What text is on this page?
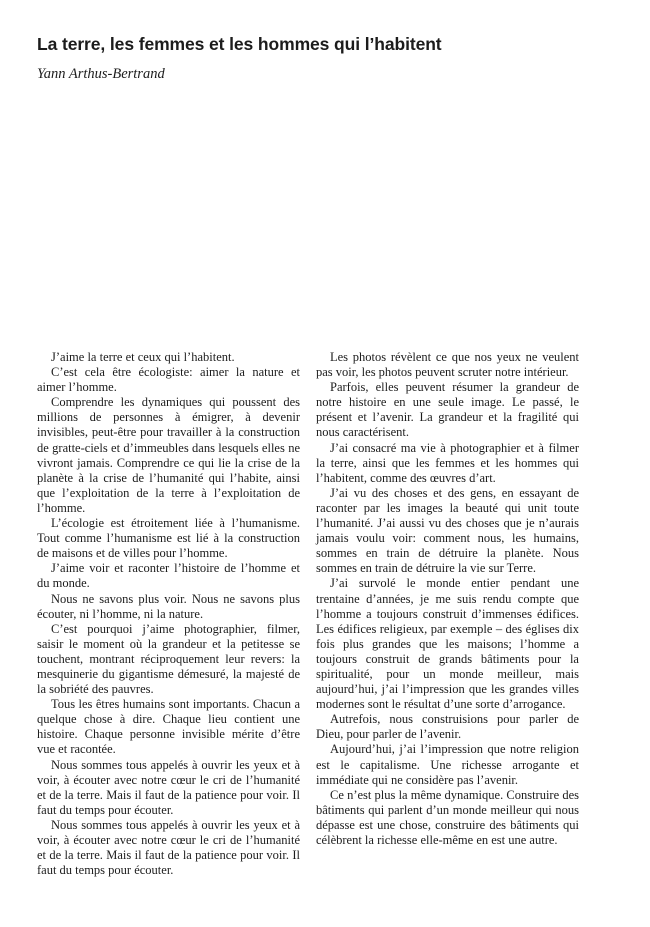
La terre, les femmes et les hommes qui l’habitent

Yann Arthus-Bertrand

J’aime la terre et ceux qui l’habitent.

C’est cela être écologiste: aimer la nature et aimer l’homme.

Comprendre les dynamiques qui poussent des millions de personnes à émigrer, à devenir invisibles, peut-être pour travailler à la construction de gratte-ciels et d’immeubles dans lesquels elles ne vivront jamais. Comprendre ce qui lie la crise de la planète à la crise de l’humanité qui l’habite, ainsi que l’exploitation de la terre à l’exploitation de l’homme.

L’écologie est étroitement liée à l’humanisme. Tout comme l’humanisme est lié à la construction de maisons et de villes pour l’homme.

J’aime voir et raconter l’histoire de l’homme et du monde.

Nous ne savons plus voir. Nous ne savons plus écouter, ni l’homme, ni la nature.

C’est pourquoi j’aime photographier, filmer, saisir le moment où la grandeur et la petitesse se touchent, montrant réciproquement leur revers: la mesquinerie du gigantisme démesuré, la majesté de la sobriété des pauvres.

Tous les êtres humains sont importants. Chacun a quelque chose à dire. Chaque lieu contient une histoire. Chaque personne invisible mérite d’être vue et racontée.

Nous sommes tous appelés à ouvrir les yeux et à voir, à écouter avec notre cœur le cri de l’humanité et de la terre. Mais il faut de la patience pour voir. Il faut du temps pour écouter.

Nous sommes tous appelés à ouvrir les yeux et à voir, à écouter avec notre cœur le cri de l’humanité et de la terre. Mais il faut de la patience pour voir. Il faut du temps pour écouter.

Les photos révèlent ce que nos yeux ne veulent pas voir, les photos peuvent scruter notre intérieur.

Parfois, elles peuvent résumer la grandeur de notre histoire en une seule image. Le passé, le présent et l’avenir. La grandeur et la fragilité qui nous caractérisent.

J’ai consacré ma vie à photographier et à filmer la terre, ainsi que les femmes et les hommes qui l’habitent, comme des œuvres d’art.

J’ai vu des choses et des gens, en essayant de raconter par les images la beauté qui unit toute l’humanité. J’ai aussi vu des choses que je n’aurais jamais voulu voir: comment nous, les humains, sommes en train de détruire la planète. Nous sommes en train de détruire la vie sur Terre.

J’ai survolé le monde entier pendant une trentaine d’années, je me suis rendu compte que l’homme a toujours construit d’immenses édifices. Les édifices religieux, par exemple – des églises dix fois plus grandes que les maisons; l’homme a toujours construit de grands bâtiments pour la spiritualité, pour un monde meilleur, mais aujourd’hui, j’ai l’impression que les grandes villes modernes sont le résultat d’une sorte d’arrogance.

Autrefois, nous construisions pour parler de Dieu, pour parler de l’avenir.

Aujourd’hui, j’ai l’impression que notre religion est le capitalisme. Une richesse arrogante et immédiate qui ne considère pas l’avenir.

Ce n’est plus la même dynamique. Construire des bâtiments qui parlent d’un monde meilleur qui nous dépasse est une chose, construire des bâtiments qui célèbrent la richesse elle-même en est une autre.
